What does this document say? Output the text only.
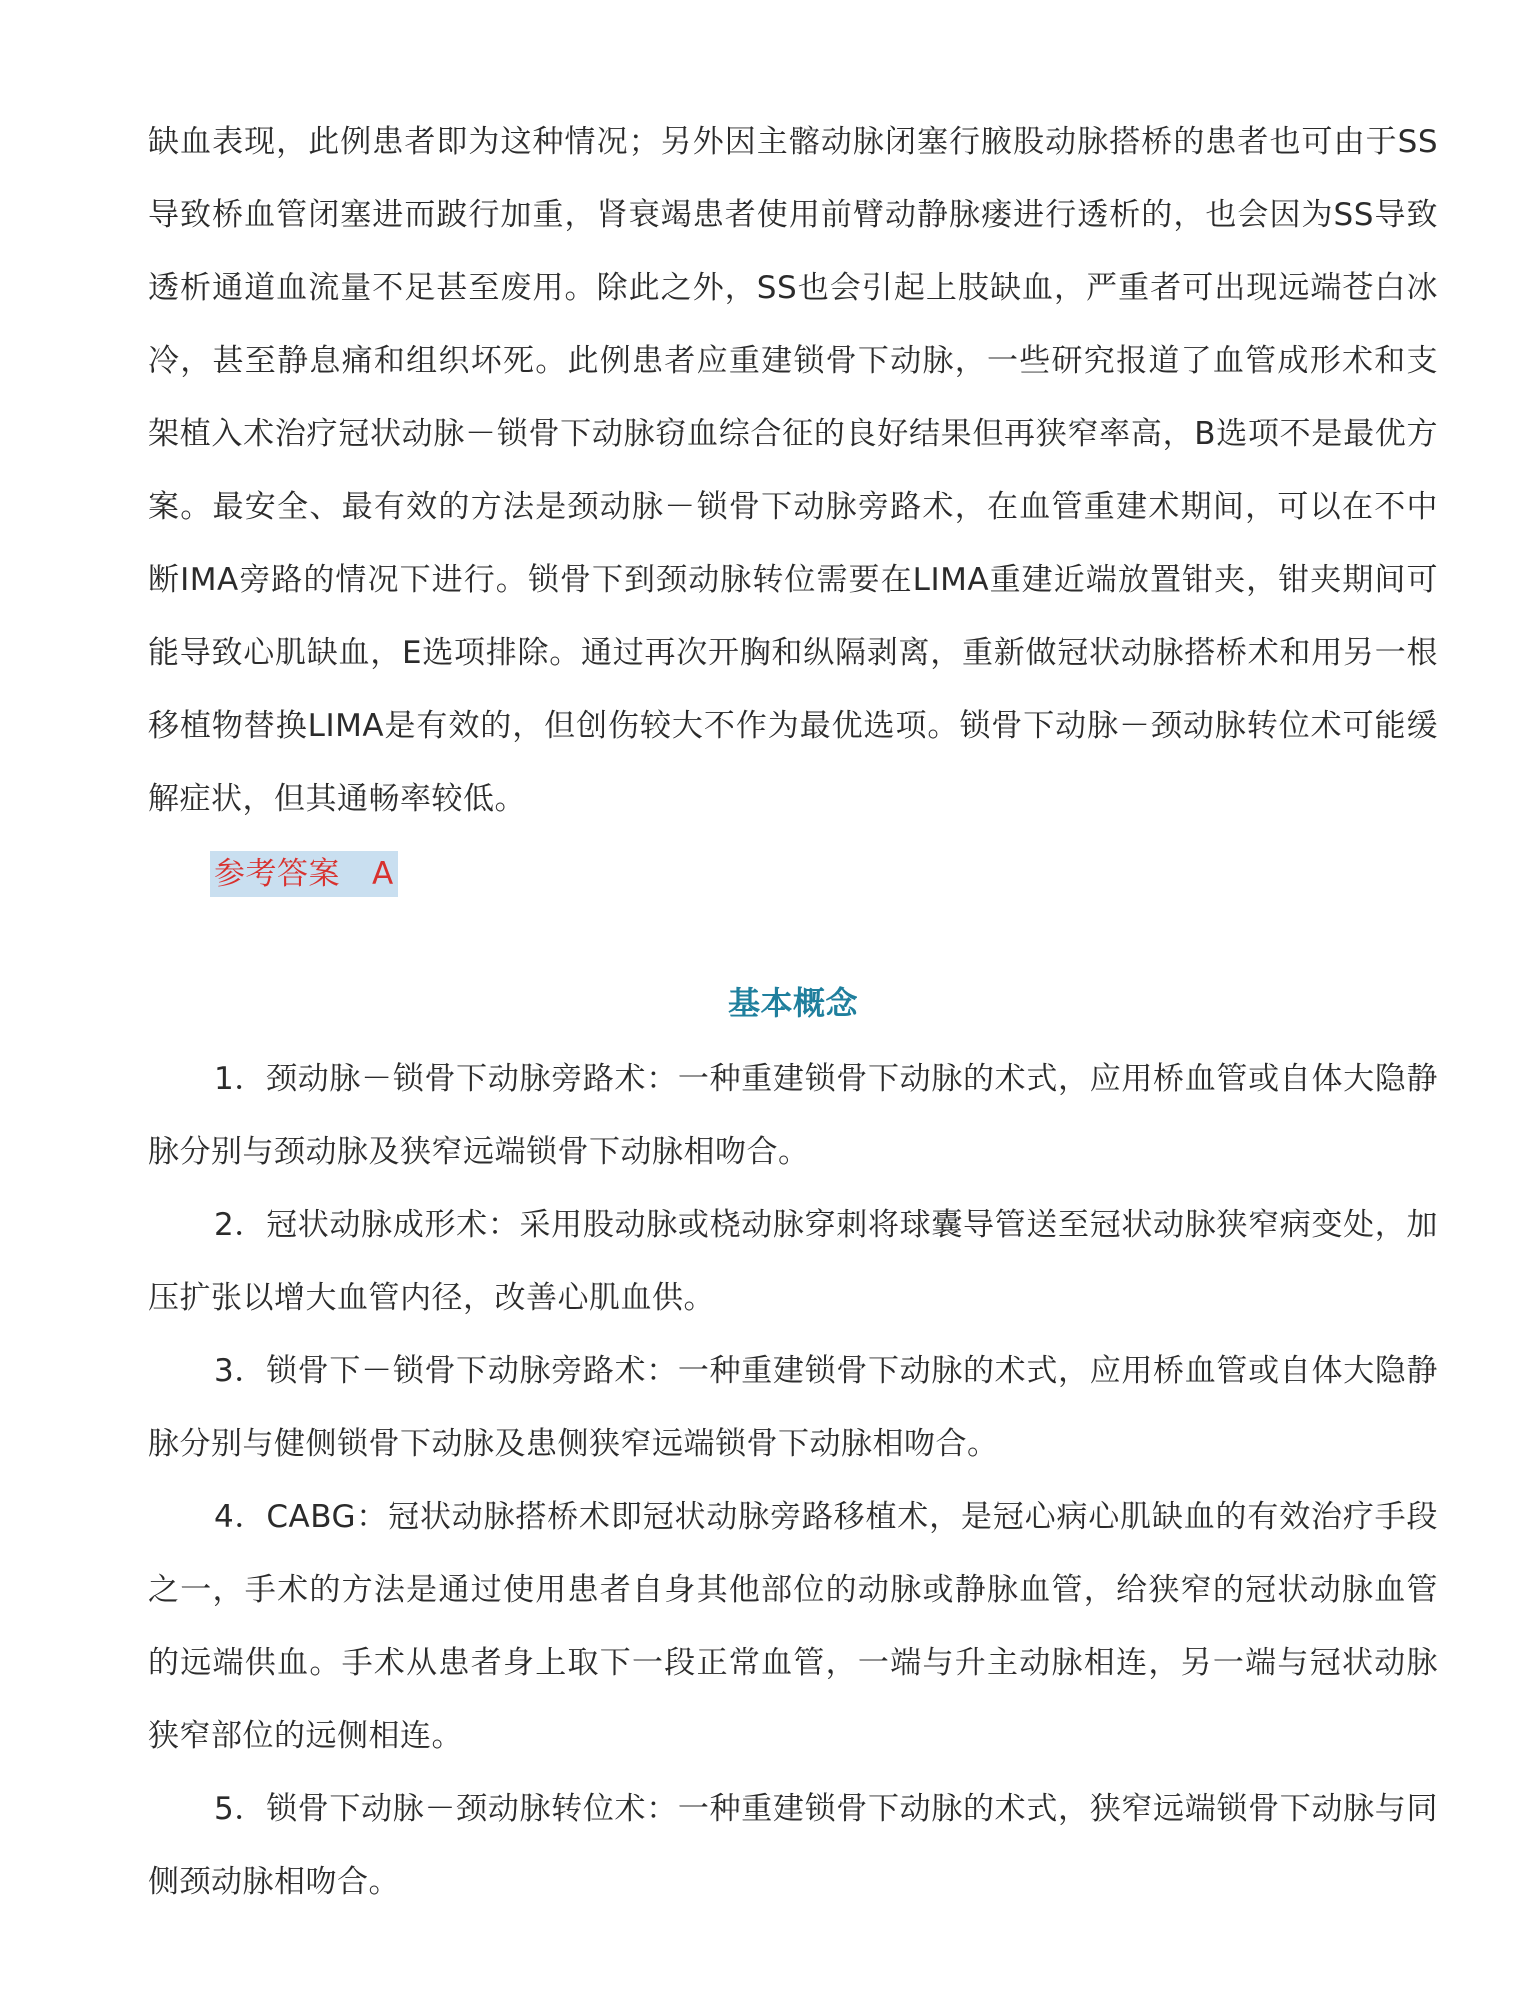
缺血表现，此例患者即为这种情况；另外因主髂动脉闭塞行腋股动脉搭桥的患者也可由于SS导致桥血管闭塞进而跛行加重，肾衰竭患者使用前臂动静脉瘘进行透析的，也会因为SS导致透析通道血流量不足甚至废用。除此之外，SS也会引起上肢缺血，严重者可出现远端苍白冰冷，甚至静息痛和组织坏死。此例患者应重建锁骨下动脉，一些研究报道了血管成形术和支架植入术治疗冠状动脉－锁骨下动脉窃血综合征的良好结果但再狭窄率高，B选项不是最优方案。最安全、最有效的方法是颈动脉－锁骨下动脉旁路术，在血管重建术期间，可以在不中断IMA旁路的情况下进行。锁骨下到颈动脉转位需要在LIMA重建近端放置钳夹，钳夹期间可能导致心肌缺血，E选项排除。通过再次开胸和纵隔剥离，重新做冠状动脉搭桥术和用另一根移植物替换LIMA是有效的，但创伤较大不作为最优选项。锁骨下动脉－颈动脉转位术可能缓解症状，但其通畅率较低。

参考答案 A
基本概念

1．颈动脉－锁骨下动脉旁路术：一种重建锁骨下动脉的术式，应用桥血管或自体大隐静脉分别与颈动脉及狭窄远端锁骨下动脉相吻合。

2．冠状动脉成形术：采用股动脉或桡动脉穿刺将球囊导管送至冠状动脉狭窄病变处，加压扩张以增大血管内径，改善心肌血供。

3．锁骨下－锁骨下动脉旁路术：一种重建锁骨下动脉的术式，应用桥血管或自体大隐静脉分别与健侧锁骨下动脉及患侧狭窄远端锁骨下动脉相吻合。

4．CABG：冠状动脉搭桥术即冠状动脉旁路移植术，是冠心病心肌缺血的有效治疗手段之一，手术的方法是通过使用患者自身其他部位的动脉或静脉血管，给狭窄的冠状动脉血管的远端供血。手术从患者身上取下一段正常血管，一端与升主动脉相连，另一端与冠状动脉狭窄部位的远侧相连。

5．锁骨下动脉－颈动脉转位术：一种重建锁骨下动脉的术式，狭窄远端锁骨下动脉与同侧颈动脉相吻合。
